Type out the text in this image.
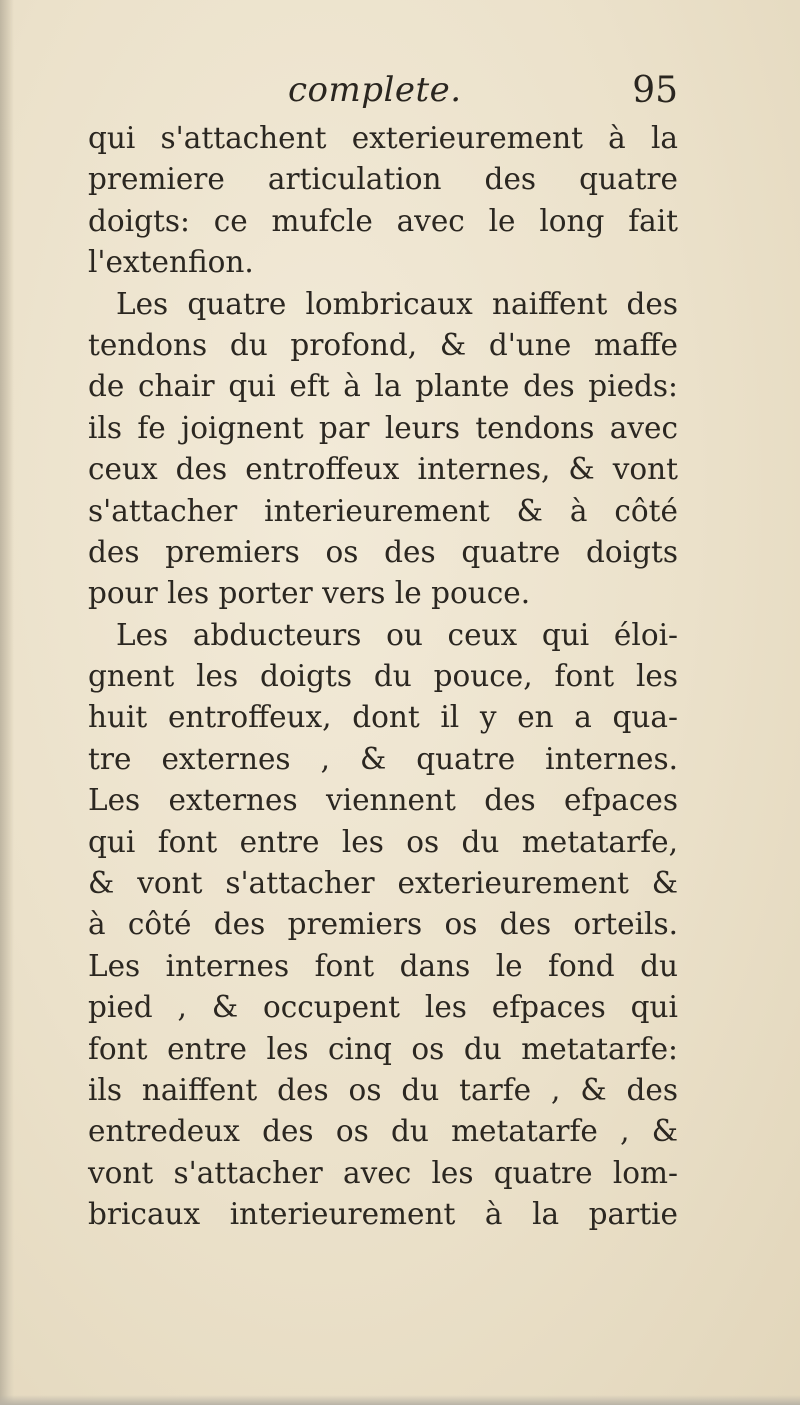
complete.	95
qui s'attachent exterieurement à la
premiere articulation des quatre
doigts: ce mufcle avec le long fait
l'extenfion.
Les quatre lombricaux naiffent des
tendons du profond, & d'une maffe
de chair qui eft à la plante des pieds:
ils fe joignent par leurs tendons avec
ceux des entroffeux internes, & vont
s'attacher interieurement & à côté
des premiers os des quatre doigts
pour les porter vers le pouce.
Les abducteurs ou ceux qui éloi-
gnent les doigts du pouce, font les
huit entroffeux, dont il y en a qua-
tre externes , & quatre internes.
Les externes viennent des efpaces
qui font entre les os du metatarfe,
& vont s'attacher exterieurement &
à côté des premiers os des orteils.
Les internes font dans le fond du
pied , & occupent les efpaces qui
font entre les cinq os du metatarfe:
ils naiffent des os du tarfe , & des
entredeux des os du metatarfe , &
vont s'attacher avec les quatre lom-
bricaux interieurement à la partie
